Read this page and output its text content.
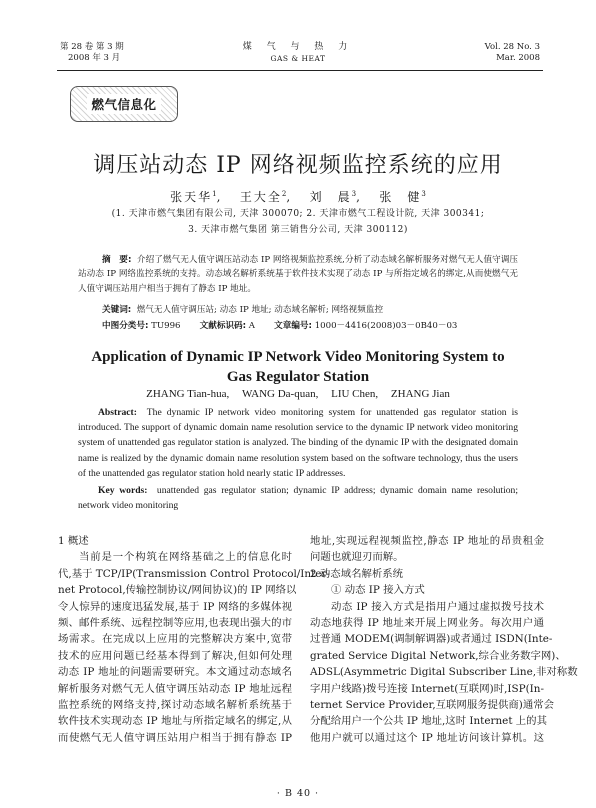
第 28 卷 第 3 期
2008 年 3 月
煤 气 与 热 力
GAS & HEAT
Vol. 28 No. 3
Mar. 2008
燃气信息化
调压站动态 IP 网络视频监控系统的应用
张天华$^1$,   王大全$^2$,   刘　晨$^3$,   张　健$^3$
(1. 天津市燃气集团有限公司, 天津 300070; 2. 天津市燃气工程设计院, 天津 300341;
3. 天津市燃气集团 第三销售分公司, 天津 300112)
摘　要: 介绍了燃气无人值守调压站动态 IP 网络视频监控系统,分析了动态域名解析服务对燃气无人值守调压站动态 IP 网络监控系统的支持。动态域名解析系统基于软件技术实现了动态 IP 与所指定域名的绑定,从而使燃气无人值守调压站用户相当于拥有了静态 IP 地址。
关键词: 燃气无人值守调压站; 动态 IP 地址; 动态域名解析; 网络视频监控
中图分类号: TU996 文献标识码: A 文章编号: 1000－4416(2008)03－0B40－03
Application of Dynamic IP Network Video Monitoring System to
Gas Regulator Station
ZHANG Tian-hua, WANG Da-quan, LIU Chen, ZHANG Jian
Abstract: The dynamic IP network video monitoring system for unattended gas regulator station is introduced. The support of dynamic domain name resolution service to the dynamic IP network video monitoring system of unattended gas regulator station is analyzed. The binding of the dynamic IP with the designated domain name is realized by the dynamic domain name resolution system based on the software technology, thus the users of the unattended gas regulator station hold nearly static IP addresses.
Key words: unattended gas regulator station; dynamic IP address; dynamic domain name resolution; network video monitoring
1 概述
当前是一个构筑在网络基础之上的信息化时
代,基于 TCP/IP(Transmission Control Protocol/Inter-
net Protocol,传输控制协议/网间协议)的 IP 网络以
令人惊异的速度迅猛发展,基于 IP 网络的多媒体视
频、邮件系统、远程控制等应用,也表现出强大的市
场需求。在完成以上应用的完整解决方案中,宽带
技术的应用问题已经基本得到了解决,但如何处理
动态 IP 地址的问题需要研究。本文通过动态域名
解析服务对燃气无人值守调压站动态 IP 地址远程
监控系统的网络支持,探讨动态域名解析系统基于
软件技术实现动态 IP 地址与所指定域名的绑定,从
而使燃气无人值守调压站用户相当于拥有静态 IP
地址,实现远程视频监控,静态 IP 地址的昂贵租金
问题也就迎刃而解。
2 动态域名解析系统
① 动态 IP 接入方式
动态 IP 接入方式是指用户通过虚拟拨号技术
动态地获得 IP 地址来开展上网业务。每次用户通
过普通 MODEM(调制解调器)或者通过 ISDN(Inte-
grated Service Digital Network,综合业务数字网)、
ADSL(Asymmetric Digital Subscriber Line,非对称数
字用户线路)拨号连接 Internet(互联网)时,ISP(In-
ternet Service Provider,互联网服务提供商)通常会
分配给用户一个公共 IP 地址,这时 Internet 上的其
他用户就可以通过这个 IP 地址访问该计算机。这
· B 40 ·
